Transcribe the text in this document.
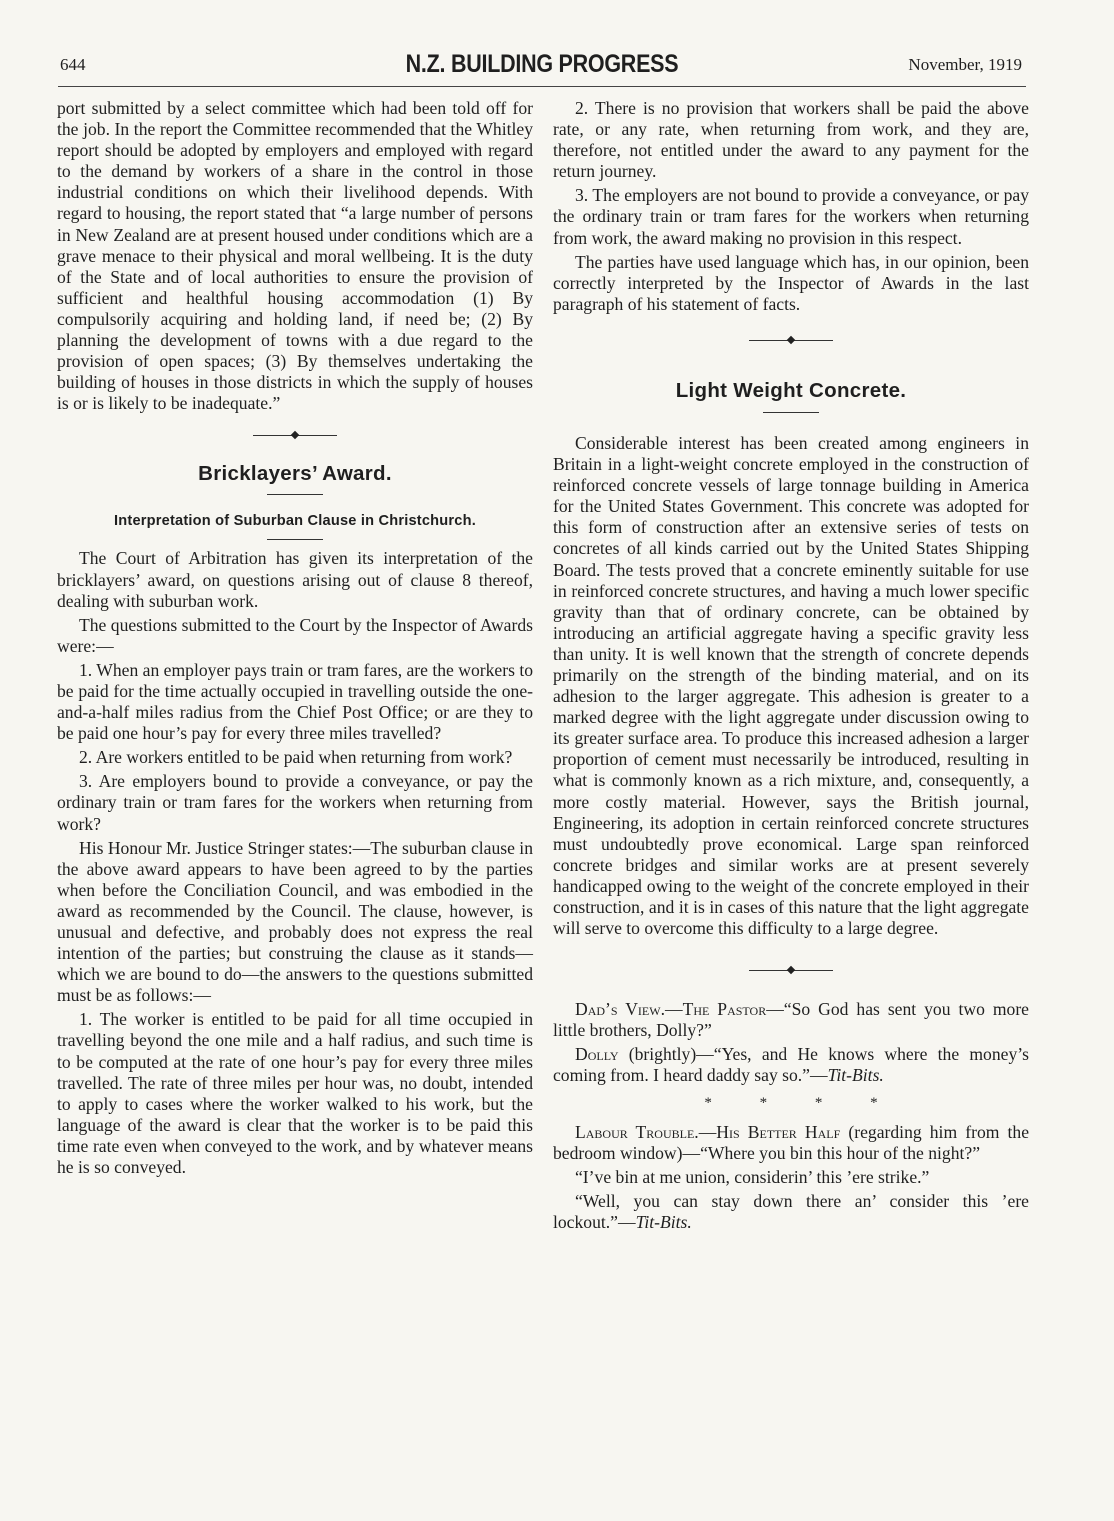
644	N.Z. BUILDING PROGRESS	November, 1919

port submitted by a select committee which had been told off for the job. In the report the Committee recommended that the Whitley report should be adopted by employers and employed with regard to the demand by workers of a share in the control in those industrial conditions on which their livelihood depends. With regard to housing, the report stated that “a large number of persons in New Zealand are at present housed under conditions which are a grave menace to their physical and moral wellbeing. It is the duty of the State and of local authorities to ensure the provision of sufficient and healthful housing accommodation (1) By compulsorily acquiring and holding land, if need be; (2) By planning the development of towns with a due regard to the provision of open spaces; (3) By themselves undertaking the building of houses in those districts in which the supply of houses is or is likely to be inadequate.”

Bricklayers’ Award.
Interpretation of Suburban Clause in Christchurch.

The Court of Arbitration has given its interpretation of the bricklayers’ award, on questions arising out of clause 8 thereof, dealing with suburban work.

The questions submitted to the Court by the Inspector of Awards were:—

1. When an employer pays train or tram fares, are the workers to be paid for the time actually occupied in travelling outside the one-and-a-half miles radius from the Chief Post Office; or are they to be paid one hour’s pay for every three miles travelled?

2. Are workers entitled to be paid when returning from work?

3. Are employers bound to provide a conveyance, or pay the ordinary train or tram fares for the workers when returning from work?

His Honour Mr. Justice Stringer states:—The suburban clause in the above award appears to have been agreed to by the parties when before the Conciliation Council, and was embodied in the award as recommended by the Council. The clause, however, is unusual and defective, and probably does not express the real intention of the parties; but construing the clause as it stands—which we are bound to do—the answers to the questions submitted must be as follows:—

1. The worker is entitled to be paid for all time occupied in travelling beyond the one mile and a half radius, and such time is to be computed at the rate of one hour’s pay for every three miles travelled. The rate of three miles per hour was, no doubt, intended to apply to cases where the worker walked to his work, but the language of the award is clear that the worker is to be paid this time rate even when conveyed to the work, and by whatever means he is so conveyed.

2. There is no provision that workers shall be paid the above rate, or any rate, when returning from work, and they are, therefore, not entitled under the award to any payment for the return journey.

3. The employers are not bound to provide a conveyance, or pay the ordinary train or tram fares for the workers when returning from work, the award making no provision in this respect.

The parties have used language which has, in our opinion, been correctly interpreted by the Inspector of Awards in the last paragraph of his statement of facts.

Light Weight Concrete.

Considerable interest has been created among engineers in Britain in a light-weight concrete employed in the construction of reinforced concrete vessels of large tonnage building in America for the United States Government. This concrete was adopted for this form of construction after an extensive series of tests on concretes of all kinds carried out by the United States Shipping Board. The tests proved that a concrete eminently suitable for use in reinforced concrete structures, and having a much lower specific gravity than that of ordinary concrete, can be obtained by introducing an artificial aggregate having a specific gravity less than unity. It is well known that the strength of concrete depends primarily on the strength of the binding material, and on its adhesion to the larger aggregate. This adhesion is greater to a marked degree with the light aggregate under discussion owing to its greater surface area. To produce this increased adhesion a larger proportion of cement must necessarily be introduced, resulting in what is commonly known as a rich mixture, and, consequently, a more costly material. However, says the British journal, Engineering, its adoption in certain reinforced concrete structures must undoubtedly prove economical. Large span reinforced concrete bridges and similar works are at present severely handicapped owing to the weight of the concrete employed in their construction, and it is in cases of this nature that the light aggregate will serve to overcome this difficulty to a large degree.

Dad’s View.—The Pastor—“So God has sent you two more little brothers, Dolly?”

Dolly (brightly)—“Yes, and He knows where the money’s coming from. I heard daddy say so.”—Tit-Bits.

* * * *

Labour Trouble.—His Better Half (regarding him from the bedroom window)—“Where you bin this hour of the night?”

“I’ve bin at me union, considerin’ this ’ere strike.”

“Well, you can stay down there an’ consider this ’ere lockout.”—Tit-Bits.
